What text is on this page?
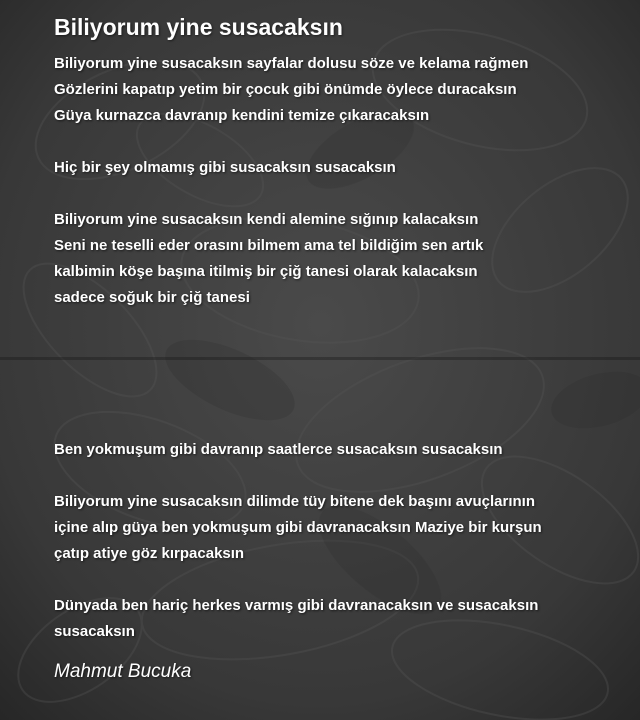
Biliyorum yine susacaksın
Biliyorum yine susacaksın sayfalar dolusu söze ve kelama rağmen
Gözlerini kapatıp yetim bir çocuk gibi önümde öylece duracaksın
Güya kurnazca davranıp kendini temize çıkaracaksın
Hiç bir şey olmamış gibi susacaksın susacaksın
Biliyorum yine susacaksın kendi alemine sığınıp kalacaksın
Seni ne teselli eder orasını bilmem ama tel bildiğim sen artık
kalbimin köşe başına itilmiş bir çiğ tanesi olarak kalacaksın
sadece soğuk bir çiğ tanesi
Ben yokmuşum gibi davranıp saatlerce susacaksın susacaksın
Biliyorum yine susacaksın dilimde tüy bitene dek başını avuçlarının
içine alıp güya ben yokmuşum gibi davranacaksın Maziye bir kurşun
çatıp atiye göz kırpacaksın
Dünyada ben hariç herkes varmış gibi davranacaksın ve susacaksın
susacaksın
Mahmut Bucuka
